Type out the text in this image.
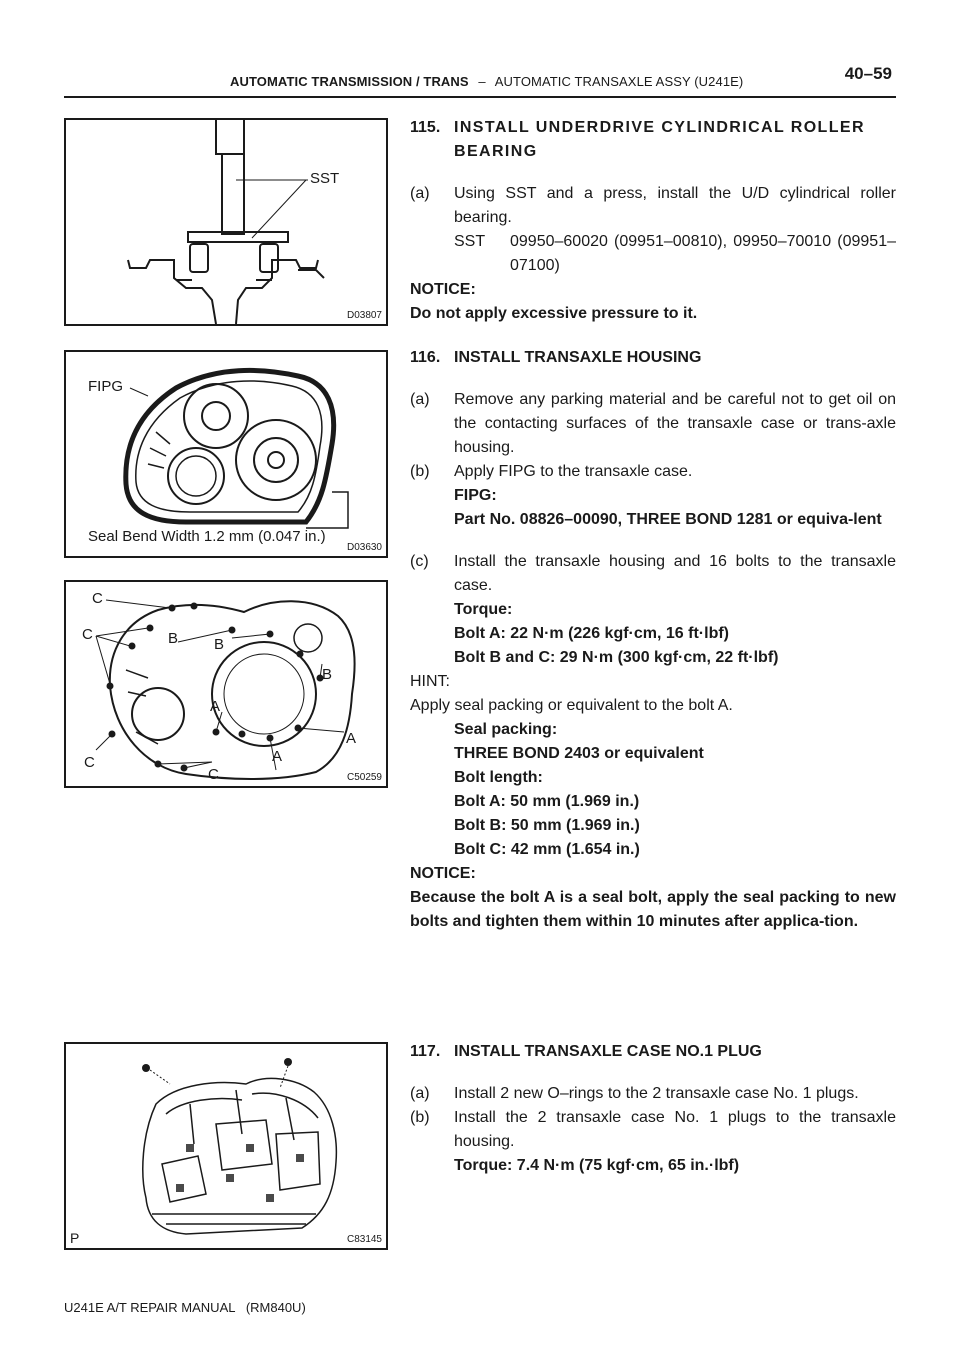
AUTOMATIC TRANSMISSION / TRANS – AUTOMATIC TRANSAXLE ASSY (U241E)	40–59
SST
D03807
FIPG
Seal Bend Width 1.2 mm (0.047 in.)
D03630
C
C
C
C
B B
B
A
A
A
C50259
P	C83145
115. INSTALL UNDERDRIVE CYLINDRICAL ROLLER BEARING
(a)	Using SST and a press, install the U/D cylindrical roller bearing.
SST	09950–60020 (09951–00810), 09950–70010 (09951–07100)

NOTICE:

Do not apply excessive pressure to it.

116. INSTALL TRANSAXLE HOUSING
(a)	Remove any parking material and be careful not to get oil on the contacting surfaces of the transaxle case or trans-axle housing.
(b)	Apply FIPG to the transaxle case.

FIPG:

Part No. 08826–00090, THREE BOND 1281 or equiva-lent

(c)	Install the transaxle housing and 16 bolts to the transaxle case.

Torque:

Bolt A: 22 N·m (226 kgf·cm, 16 ft·lbf)

Bolt B and C: 29 N·m (300 kgf·cm, 22 ft·lbf)

HINT:

Apply seal packing or equivalent to the bolt A.

Seal packing:

THREE BOND 2403 or equivalent

Bolt length:

Bolt A: 50 mm (1.969 in.)

Bolt B: 50 mm (1.969 in.)

Bolt C: 42 mm (1.654 in.)

NOTICE:

Because the bolt A is a seal bolt, apply the seal packing to new bolts and tighten them within 10 minutes after applica-tion.

117. INSTALL TRANSAXLE CASE NO.1 PLUG
(a)	Install 2 new O–rings to the 2 transaxle case No. 1 plugs.
(b)	Install the 2 transaxle case No. 1 plugs to the transaxle housing.

Torque: 7.4 N·m (75 kgf·cm, 65 in.·lbf)

U241E A/T REPAIR MANUAL   (RM840U)
